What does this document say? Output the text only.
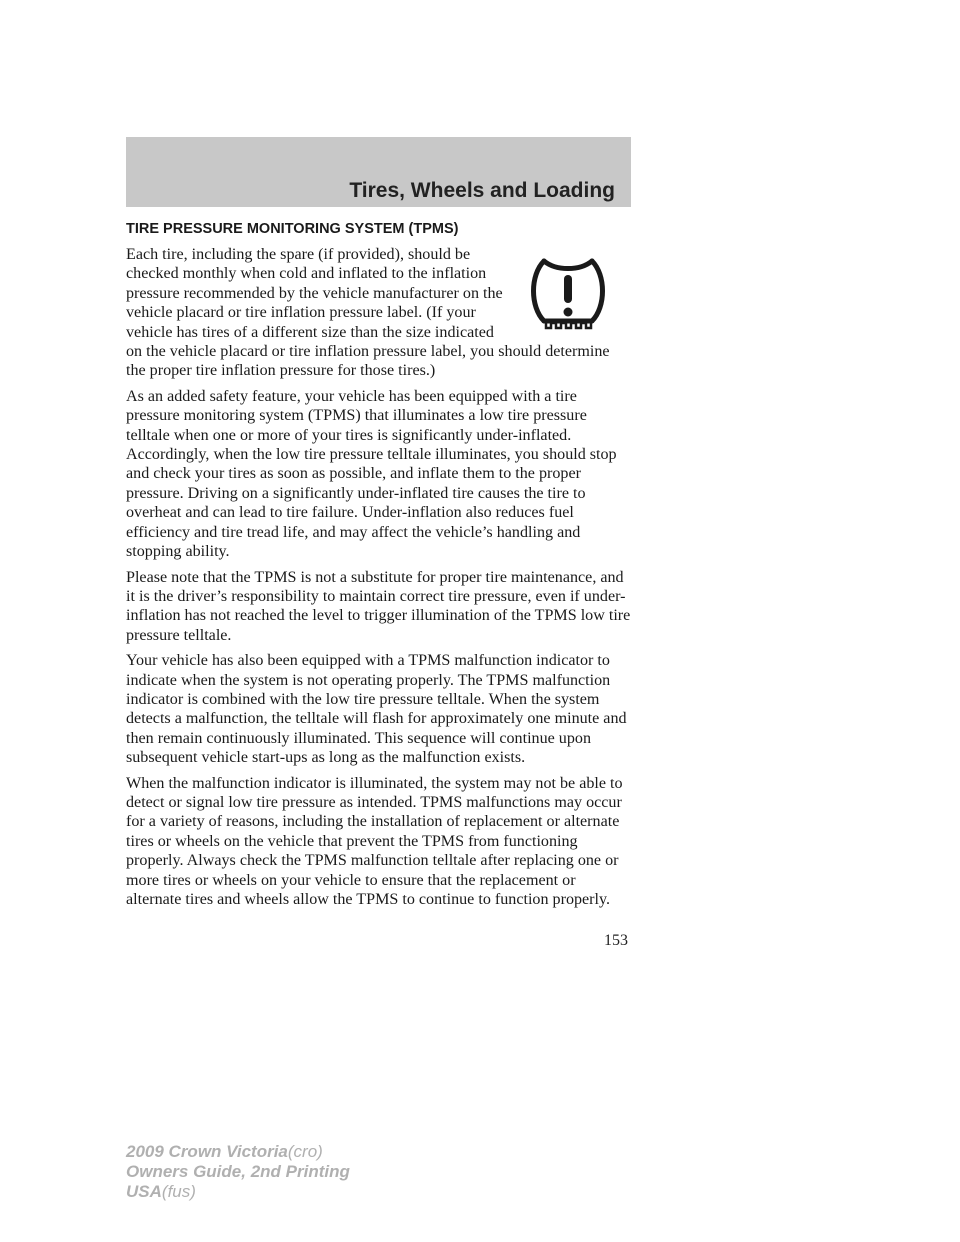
Tires, Wheels and Loading
TIRE PRESSURE MONITORING SYSTEM (TPMS)

Each tire, including the spare (if provided), should be checked monthly when cold and inflated to the inflation pressure recommended by the vehicle manufacturer on the vehicle placard or tire inflation pressure label. (If your vehicle has tires of a different size than the size indicated on the vehicle placard or tire inflation pressure label, you should determine the proper tire inflation pressure for those tires.)

As an added safety feature, your vehicle has been equipped with a tire pressure monitoring system (TPMS) that illuminates a low tire pressure telltale when one or more of your tires is significantly under-inflated. Accordingly, when the low tire pressure telltale illuminates, you should stop and check your tires as soon as possible, and inflate them to the proper pressure. Driving on a significantly under-inflated tire causes the tire to overheat and can lead to tire failure. Under-inflation also reduces fuel efficiency and tire tread life, and may affect the vehicle’s handling and stopping ability.

Please note that the TPMS is not a substitute for proper tire maintenance, and it is the driver’s responsibility to maintain correct tire pressure, even if under-inflation has not reached the level to trigger illumination of the TPMS low tire pressure telltale.

Your vehicle has also been equipped with a TPMS malfunction indicator to indicate when the system is not operating properly. The TPMS malfunction indicator is combined with the low tire pressure telltale. When the system detects a malfunction, the telltale will flash for approximately one minute and then remain continuously illuminated. This sequence will continue upon subsequent vehicle start-ups as long as the malfunction exists.

When the malfunction indicator is illuminated, the system may not be able to detect or signal low tire pressure as intended. TPMS malfunctions may occur for a variety of reasons, including the installation of replacement or alternate tires or wheels on the vehicle that prevent the TPMS from functioning properly. Always check the TPMS malfunction telltale after replacing one or more tires or wheels on your vehicle to ensure that the replacement or alternate tires and wheels allow the TPMS to continue to function properly.

153
2009 Crown Victoria(cro)
Owners Guide, 2nd Printing
USA(fus)
